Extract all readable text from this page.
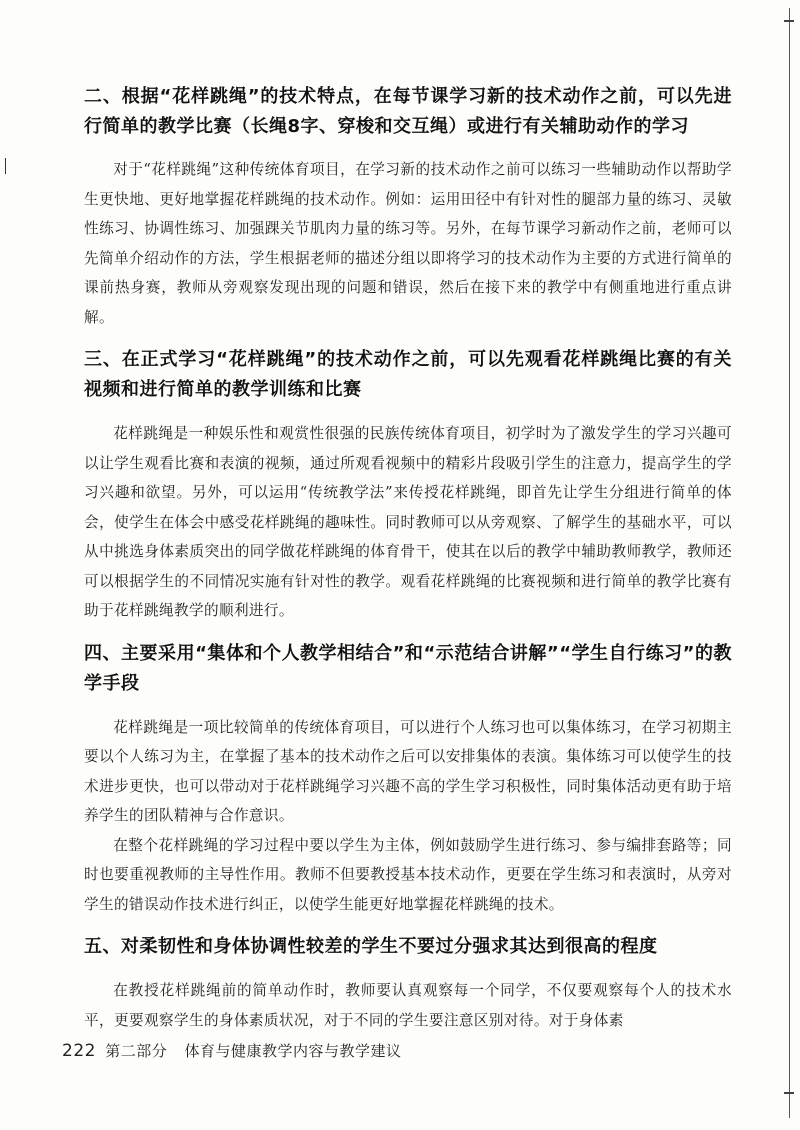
二、根据“花样跳绳”的技术特点，在每节课学习新的技术动作之前，可以先进行简单的教学比赛（长绳8字、穿梭和交互绳）或进行有关辅助动作的学习

对于“花样跳绳”这种传统体育项目，在学习新的技术动作之前可以练习一些辅助动作以帮助学生更快地、更好地掌握花样跳绳的技术动作。例如：运用田径中有针对性的腿部力量的练习、灵敏性练习、协调性练习、加强踝关节肌肉力量的练习等。另外，在每节课学习新动作之前，老师可以先简单介绍动作的方法，学生根据老师的描述分组以即将学习的技术动作为主要的方式进行简单的课前热身赛，教师从旁观察发现出现的问题和错误，然后在接下来的教学中有侧重地进行重点讲解。

三、在正式学习“花样跳绳”的技术动作之前，可以先观看花样跳绳比赛的有关视频和进行简单的教学训练和比赛

花样跳绳是一种娱乐性和观赏性很强的民族传统体育项目，初学时为了激发学生的学习兴趣可以让学生观看比赛和表演的视频，通过所观看视频中的精彩片段吸引学生的注意力，提高学生的学习兴趣和欲望。另外，可以运用“传统教学法”来传授花样跳绳，即首先让学生分组进行简单的体会，使学生在体会中感受花样跳绳的趣味性。同时教师可以从旁观察、了解学生的基础水平，可以从中挑选身体素质突出的同学做花样跳绳的体育骨干，使其在以后的教学中辅助教师教学，教师还可以根据学生的不同情况实施有针对性的教学。观看花样跳绳的比赛视频和进行简单的教学比赛有助于花样跳绳教学的顺利进行。

四、主要采用“集体和个人教学相结合”和“示范结合讲解”“学生自行练习”的教学手段

花样跳绳是一项比较简单的传统体育项目，可以进行个人练习也可以集体练习，在学习初期主要以个人练习为主，在掌握了基本的技术动作之后可以安排集体的表演。集体练习可以使学生的技术进步更快，也可以带动对于花样跳绳学习兴趣不高的学生学习积极性，同时集体活动更有助于培养学生的团队精神与合作意识。

在整个花样跳绳的学习过程中要以学生为主体，例如鼓励学生进行练习、参与编排套路等；同时也要重视教师的主导性作用。教师不但要教授基本技术动作，更要在学生练习和表演时，从旁对学生的错误动作技术进行纠正，以使学生能更好地掌握花样跳绳的技术。

五、对柔韧性和身体协调性较差的学生不要过分强求其达到很高的程度

在教授花样跳绳前的简单动作时，教师要认真观察每一个同学，不仅要观察每个人的技术水平，更要观察学生的身体素质状况，对于不同的学生要注意区别对待。对于身体素

222 第二部分 体育与健康教学内容与教学建议
